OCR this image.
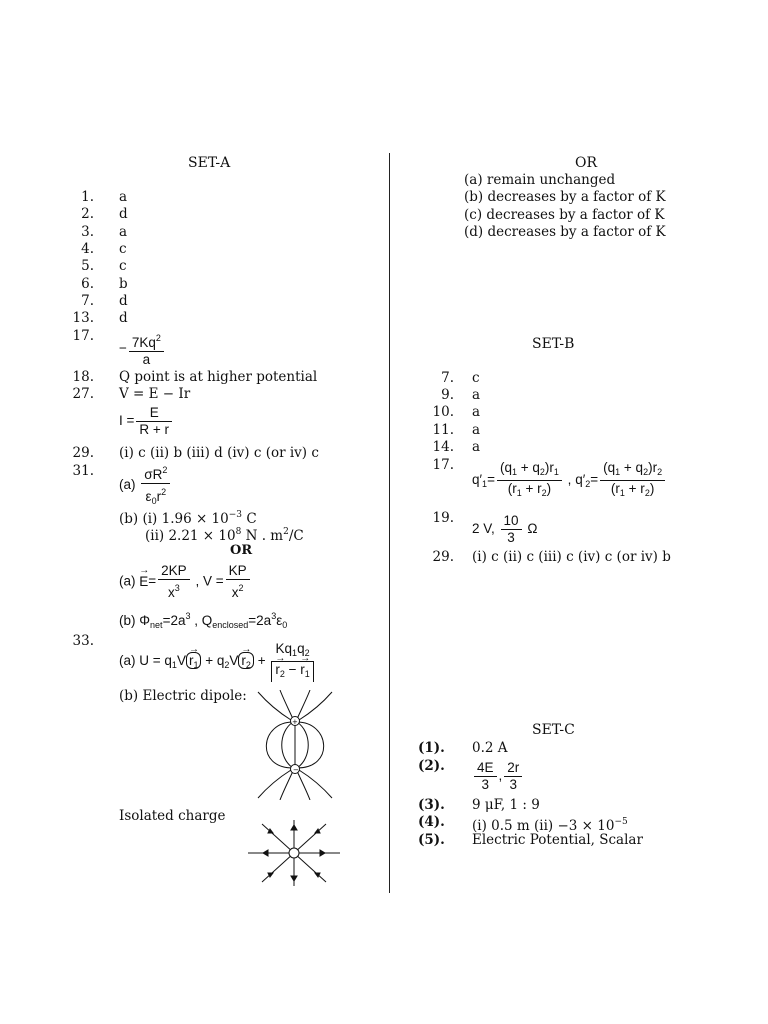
SET-A
1. a
2. d
3. a
4. c
5. c
6. b
7. d
13. d
17.
− $\frac{7Kq^2}{a}$
18. Q point is at higher potential
27. V = E − Ir
$I = \frac{E}{R + r}$
29. (i) c (ii) b (iii) d (iv) c (or iv) c
31.
$(a) \frac{\sigma R^2}{\varepsilon_0r^2}$
(b) (i) $1.96 \times 10^{-3}$ C
(ii) $2.21 \times 10^8$ N . $m^2/C$
OR
$(a) \to E= \frac{2KP}{x^3}$ , $V = \frac{KP}{x^2}$
(b) $\Phi_{net}=2a^3$ , $Q_{enclosed}=2a^3\varepsilon_0$
33.
(a) $U = q_1V \to r_1 + q_2V \to r_2 + Kq_1q_2$
→ $r_2$ − → $r_1$
(b) Electric dipole:
+
−
Isolated charge
OR
(a) remain unchanged
(b) decreases by a factor of K
(c) decreases by a factor of K
(d) decreases by a factor of K
SET-B
7. c
9. a
10. a
11. a
14. a
17.
$q'_1= \frac{(q_1 + q_2)r_1}{(r_1 + r_2)}$ , $q'_2= \frac{(q_1 + q_2)r_2}{(r_1 + r_2)}$
19.
2 V, $\frac{10}{3}$ Ω
29. (i) c (ii) c (iii) c (iv) c (or iv) b
SET-C
(1). 0.2 A
(2). $\frac{4E}{3}$ , $\frac{2r}{3}$
(3). 9 μF, 1 : 9
(4). (i) 0.5 m $(ii) -3 \times 10^{-5}$
(5). Electric Potential, Scalar
